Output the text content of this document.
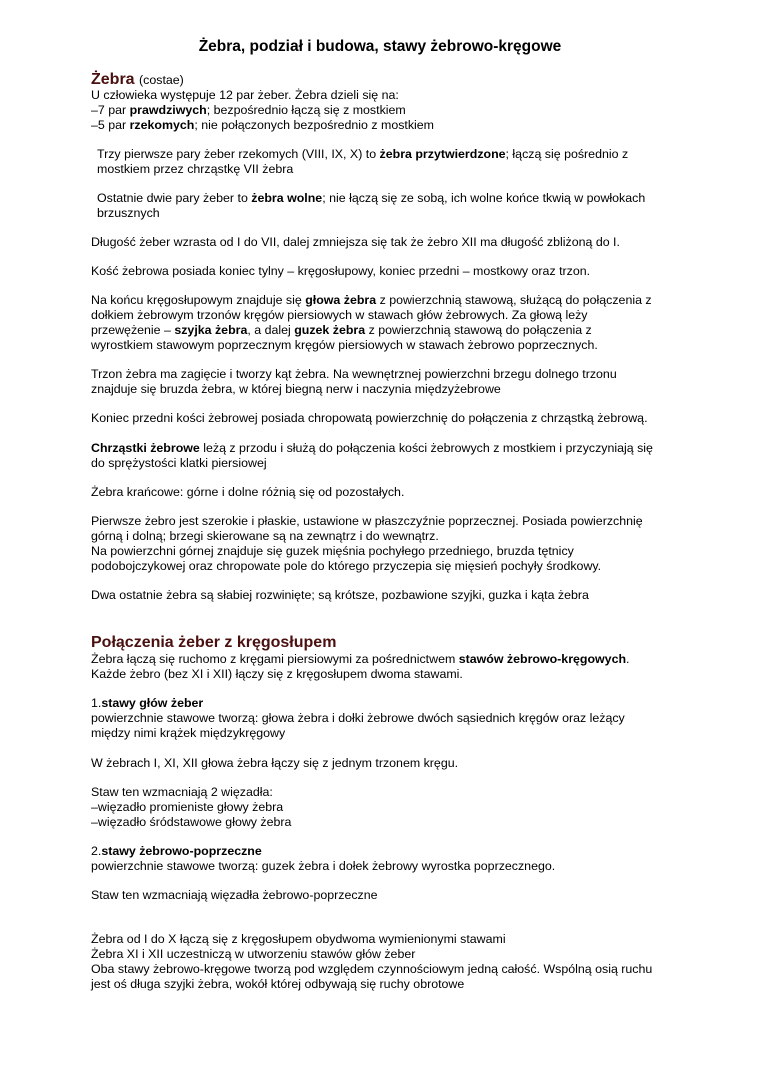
Żebra, podział i budowa, stawy żebrowo-kręgowe
Żebra (costae)
U człowieka występuje 12 par żeber. Żebra dzieli się na:
–7 par prawdziwych; bezpośrednio łączą się z mostkiem
–5 par rzekomych; nie połączonych bezpośrednio z mostkiem
Trzy pierwsze pary żeber rzekomych (VIII, IX, X) to żebra przytwierdzone; łączą się pośrednio z
mostkiem przez chrząstkę VII żebra
Ostatnie dwie pary żeber to żebra wolne; nie łączą się ze sobą, ich wolne końce tkwią w powłokach
brzusznych
Długość żeber wzrasta od I do VII, dalej zmniejsza się tak że żebro XII ma długość zbliżoną do I.
Kość żebrowa posiada koniec tylny – kręgosłupowy, koniec przedni – mostkowy oraz trzon.
Na końcu kręgosłupowym znajduje się głowa żebra z powierzchnią stawową, służącą do połączenia z
dołkiem żebrowym trzonów kręgów piersiowych w stawach głów żebrowych. Za głową leży
przewężenie – szyjka żebra, a dalej guzek żebra z powierzchnią stawową do połączenia z
wyrostkiem stawowym poprzecznym kręgów piersiowych w stawach żebrowo poprzecznych.
Trzon żebra ma zagięcie i tworzy kąt żebra. Na wewnętrznej powierzchni brzegu dolnego trzonu
znajduje się bruzda żebra, w której biegną nerw i naczynia międzyżebrowe
Koniec przedni kości żebrowej posiada chropowatą powierzchnię do połączenia z chrząstką żebrową.
Chrząstki żebrowe leżą z przodu i służą do połączenia kości żebrowych z mostkiem i przyczyniają się
do sprężystości klatki piersiowej
Żebra krańcowe: górne i dolne różnią się od pozostałych.
Pierwsze żebro jest szerokie i płaskie, ustawione w płaszczyźnie poprzecznej. Posiada powierzchnię
górną i dolną; brzegi skierowane są na zewnątrz i do wewnątrz.
Na powierzchni górnej znajduje się guzek mięśnia pochyłego przedniego, bruzda tętnicy
podobojczykowej oraz chropowate pole do którego przyczepia się mięsień pochyły środkowy.
Dwa ostatnie żebra są słabiej rozwinięte; są krótsze, pozbawione szyjki, guzka i kąta żebra
Połączenia żeber z kręgosłupem
Żebra łączą się ruchomo z kręgami piersiowymi za pośrednictwem stawów żebrowo-kręgowych.
Każde żebro (bez XI i XII) łączy się z kręgosłupem dwoma stawami.
1.stawy głów żeber
powierzchnie stawowe tworzą: głowa żebra i dołki żebrowe dwóch sąsiednich kręgów oraz leżący
między nimi krążek międzykręgowy
W żebrach I, XI, XII głowa żebra łączy się z jednym trzonem kręgu.
Staw ten wzmacniają 2 więzadła:
–więzadło promieniste głowy żebra
–więzadło śródstawowe głowy żebra
2.stawy żebrowo-poprzeczne
powierzchnie stawowe tworzą: guzek żebra i dołek żebrowy wyrostka poprzecznego.
Staw ten wzmacniają więzadła żebrowo-poprzeczne
Żebra od I do X łączą się z kręgosłupem obydwoma wymienionymi stawami
Żebra XI i XII uczestniczą w utworzeniu stawów głów żeber
Oba stawy żebrowo-kręgowe tworzą pod względem czynnościowym jedną całość. Wspólną osią ruchu
jest oś długa szyjki żebra, wokół której odbywają się ruchy obrotowe
